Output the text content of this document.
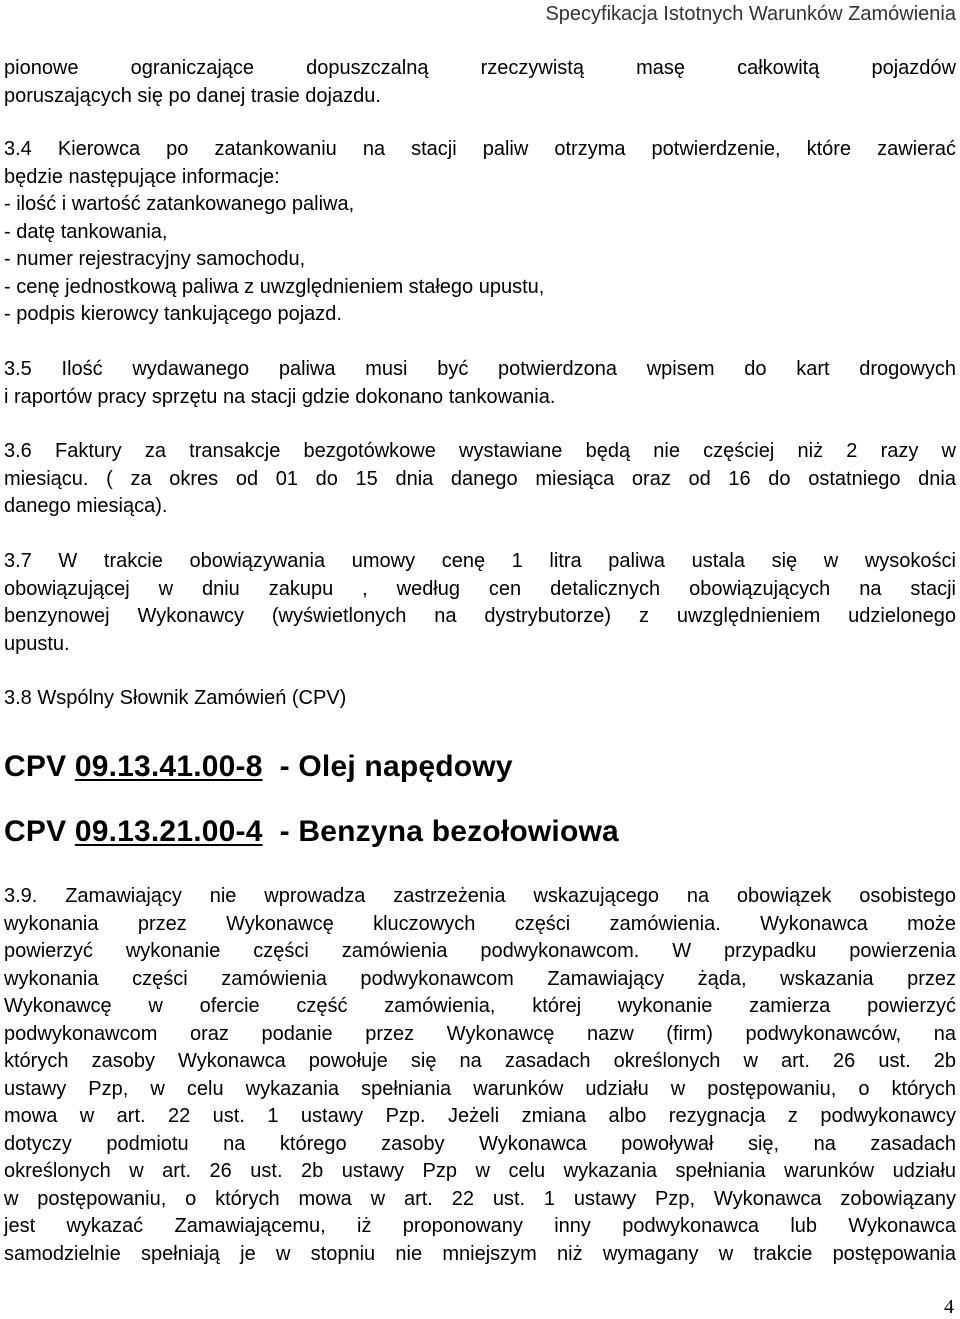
Specyfikacja Istotnych Warunków Zamówienia
pionowe ograniczające dopuszczalną rzeczywistą masę całkowitą pojazdów
poruszających się po danej trasie dojazdu.
3.4 Kierowca po zatankowaniu na stacji paliw otrzyma potwierdzenie, które zawierać
będzie następujące informacje:
- ilość i wartość zatankowanego paliwa,
- datę tankowania,
- numer rejestracyjny samochodu,
- cenę jednostkową paliwa z uwzględnieniem stałego upustu,
- podpis kierowcy tankującego pojazd.
3.5 Ilość wydawanego paliwa musi być potwierdzona wpisem do kart drogowych
i raportów pracy sprzętu na stacji gdzie dokonano tankowania.
3.6 Faktury za transakcje bezgotówkowe wystawiane będą nie częściej niż 2 razy w
miesiącu. ( za okres od 01 do 15 dnia danego miesiąca oraz od 16 do ostatniego dnia
danego miesiąca).
3.7 W trakcie obowiązywania umowy cenę 1 litra paliwa ustala się w wysokości
obowiązującej w dniu zakupu , według cen detalicznych obowiązujących na stacji
benzynowej Wykonawcy (wyświetlonych na dystrybutorze) z uwzględnieniem udzielonego
upustu.
3.8 Wspólny Słownik Zamówień (CPV)
CPV 09.13.41.00-8  - Olej napędowy
CPV 09.13.21.00-4  - Benzyna bezołowiowa
3.9. Zamawiający nie wprowadza zastrzeżenia wskazującego na obowiązek osobistego
wykonania przez Wykonawcę kluczowych części zamówienia. Wykonawca może
powierzyć wykonanie części zamówienia podwykonawcom. W przypadku powierzenia
wykonania części zamówienia podwykonawcom Zamawiający żąda, wskazania przez
Wykonawcę w ofercie część zamówienia, której wykonanie zamierza powierzyć
podwykonawcom oraz podanie przez Wykonawcę nazw (firm) podwykonawców, na
których zasoby Wykonawca powołuje się na zasadach określonych w art. 26 ust. 2b
ustawy Pzp, w celu wykazania spełniania warunków udziału w postępowaniu, o których
mowa w art. 22 ust. 1 ustawy Pzp. Jeżeli zmiana albo rezygnacja z podwykonawcy
dotyczy podmiotu na którego zasoby Wykonawca powoływał się, na zasadach
określonych w art. 26 ust. 2b ustawy Pzp w celu wykazania spełniania warunków udziału
w postępowaniu, o których mowa w art. 22 ust. 1 ustawy Pzp, Wykonawca zobowiązany
jest wykazać Zamawiającemu, iż proponowany inny podwykonawca lub Wykonawca
samodzielnie spełniają je w stopniu nie mniejszym niż wymagany w trakcie postępowania
4
